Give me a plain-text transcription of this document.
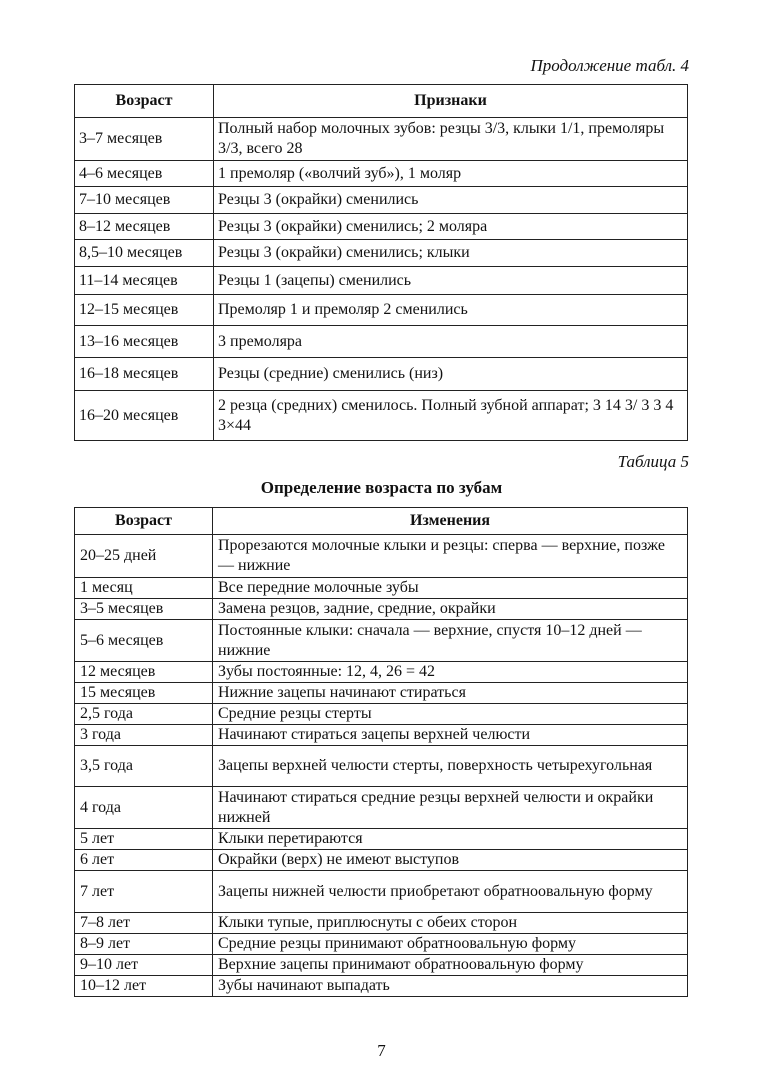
Продолжение табл. 4
Возраст	Признаки
3–7 месяцев	Полный набор молочных зубов: резцы 3/3, клыки 1/1, премоляры 3/3, всего 28
4–6 месяцев	1 премоляр («волчий зуб»), 1 моляр
7–10 месяцев	Резцы 3 (окрайки) сменились
8–12 месяцев	Резцы 3 (окрайки) сменились; 2 моляра
8,5–10 месяцев	Резцы 3 (окрайки) сменились; клыки
11–14 месяцев	Резцы 1 (зацепы) сменились
12–15 месяцев	Премоляр 1 и премоляр 2 сменились
13–16 месяцев	3 премоляра
16–18 месяцев	Резцы (средние) сменились (низ)
16–20 месяцев	2 резца (средних) сменилось. Полный зубной аппарат; 3 14 3/ 3 3 4 3×44
Таблица 5
Определение возраста по зубам
Возраст	Изменения
20–25 дней	Прорезаются молочные клыки и резцы: сперва — верхние, позже — нижние
1 месяц	Все передние молочные зубы
3–5 месяцев	Замена резцов, задние, средние, окрайки
5–6 месяцев	Постоянные клыки: сначала — верхние, спустя 10–12 дней — нижние
12 месяцев	Зубы постоянные: 12, 4, 26 = 42
15 месяцев	Нижние зацепы начинают стираться
2,5 года	Средние резцы стерты
3 года	Начинают стираться зацепы верхней челюсти
3,5 года	Зацепы верхней челюсти стерты, поверхность четырехугольная
4 года	Начинают стираться средние резцы верхней челюсти и окрайки нижней
5 лет	Клыки перетираются
6 лет	Окрайки (верх) не имеют выступов
7 лет	Зацепы нижней челюсти приобретают обратноовальную форму
7–8 лет	Клыки тупые, приплюснуты с обеих сторон
8–9 лет	Средние резцы принимают обратноовальную форму
9–10 лет	Верхние зацепы принимают обратноовальную форму
10–12 лет	Зубы начинают выпадать
7
